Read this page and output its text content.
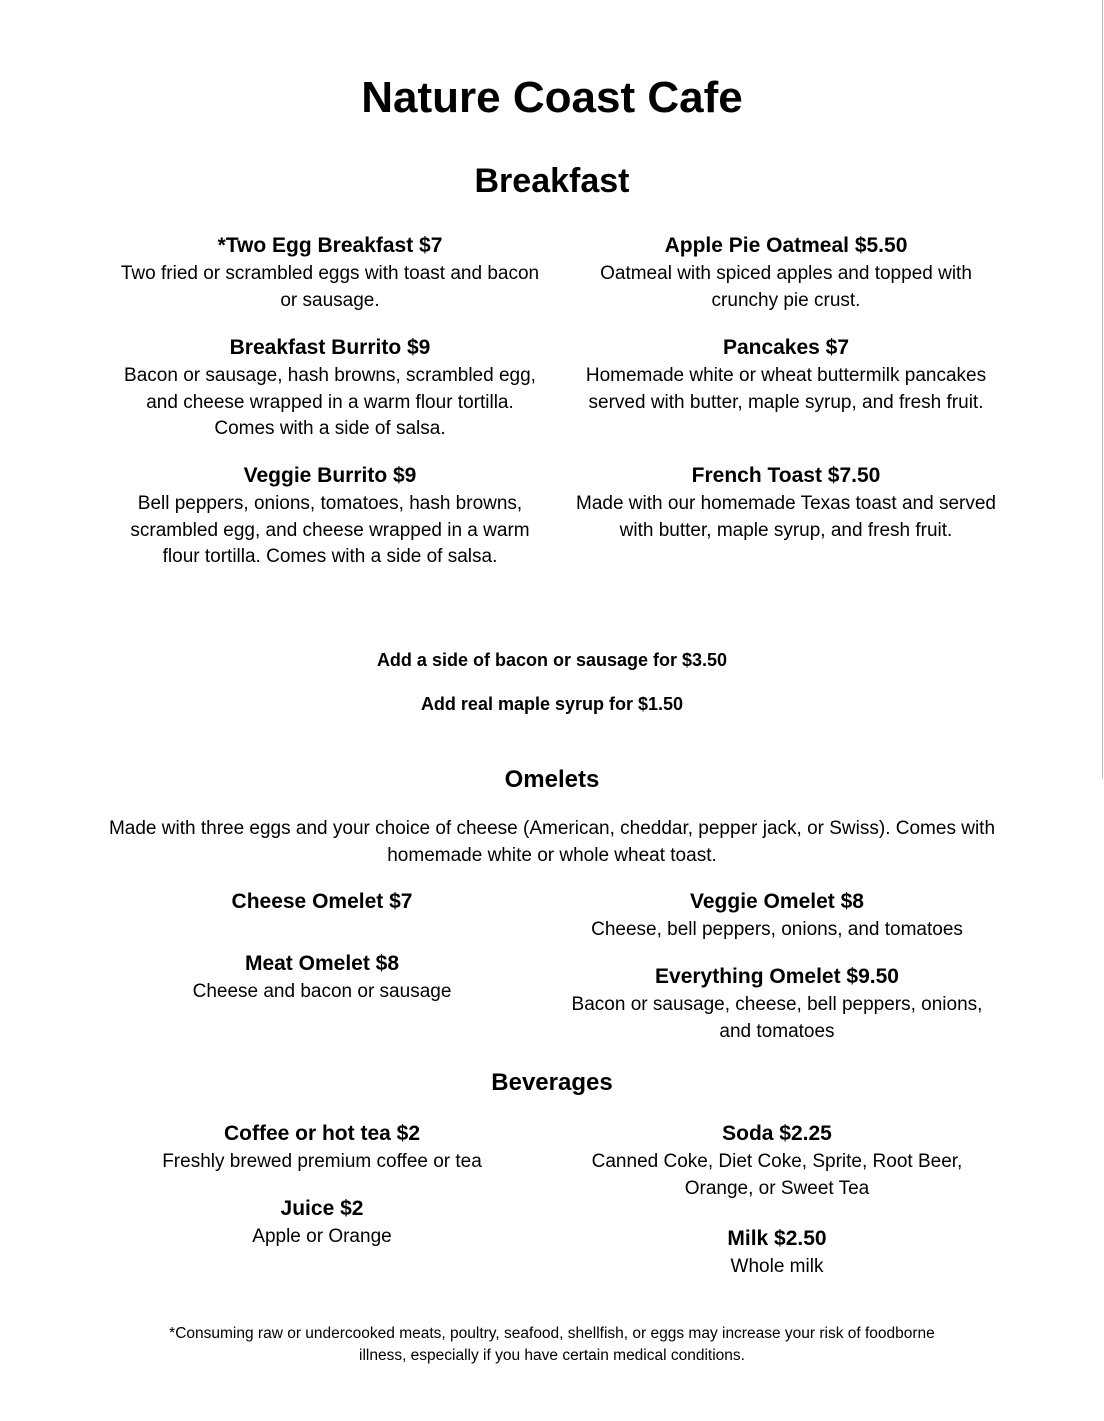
Nature Coast Cafe
Breakfast
*Two Egg Breakfast $7
Two fried or scrambled eggs with toast and bacon or sausage.
Apple Pie Oatmeal $5.50
Oatmeal with spiced apples and topped with crunchy pie crust.
Breakfast Burrito $9
Bacon or sausage, hash browns, scrambled egg, and cheese wrapped in a warm flour tortilla. Comes with a side of salsa.
Pancakes $7
Homemade white or wheat buttermilk pancakes served with butter, maple syrup, and fresh fruit.
Veggie Burrito $9
Bell peppers, onions, tomatoes, hash browns, scrambled egg, and cheese wrapped in a warm flour tortilla. Comes with a side of salsa.
French Toast $7.50
Made with our homemade Texas toast and served with butter, maple syrup, and fresh fruit.

Add a side of bacon or sausage for $3.50

Add real maple syrup for $1.50

Omelets

Made with three eggs and your choice of cheese (American, cheddar, pepper jack, or Swiss). Comes with homemade white or whole wheat toast.

Cheese Omelet $7	Veggie Omelet $8
Cheese, bell peppers, onions, and tomatoes
Meat Omelet $8
Cheese and bacon or sausage
Everything Omelet $9.50
Bacon or sausage, cheese, bell peppers, onions, and tomatoes
Beverages
Coffee or hot tea $2
Freshly brewed premium coffee or tea
Soda $2.25
Canned Coke, Diet Coke, Sprite, Root Beer, Orange, or Sweet Tea
Juice $2
Apple or Orange	Milk $2.50
Whole milk

*Consuming raw or undercooked meats, poultry, seafood, shellfish, or eggs may increase your risk of foodborne illness, especially if you have certain medical conditions.
